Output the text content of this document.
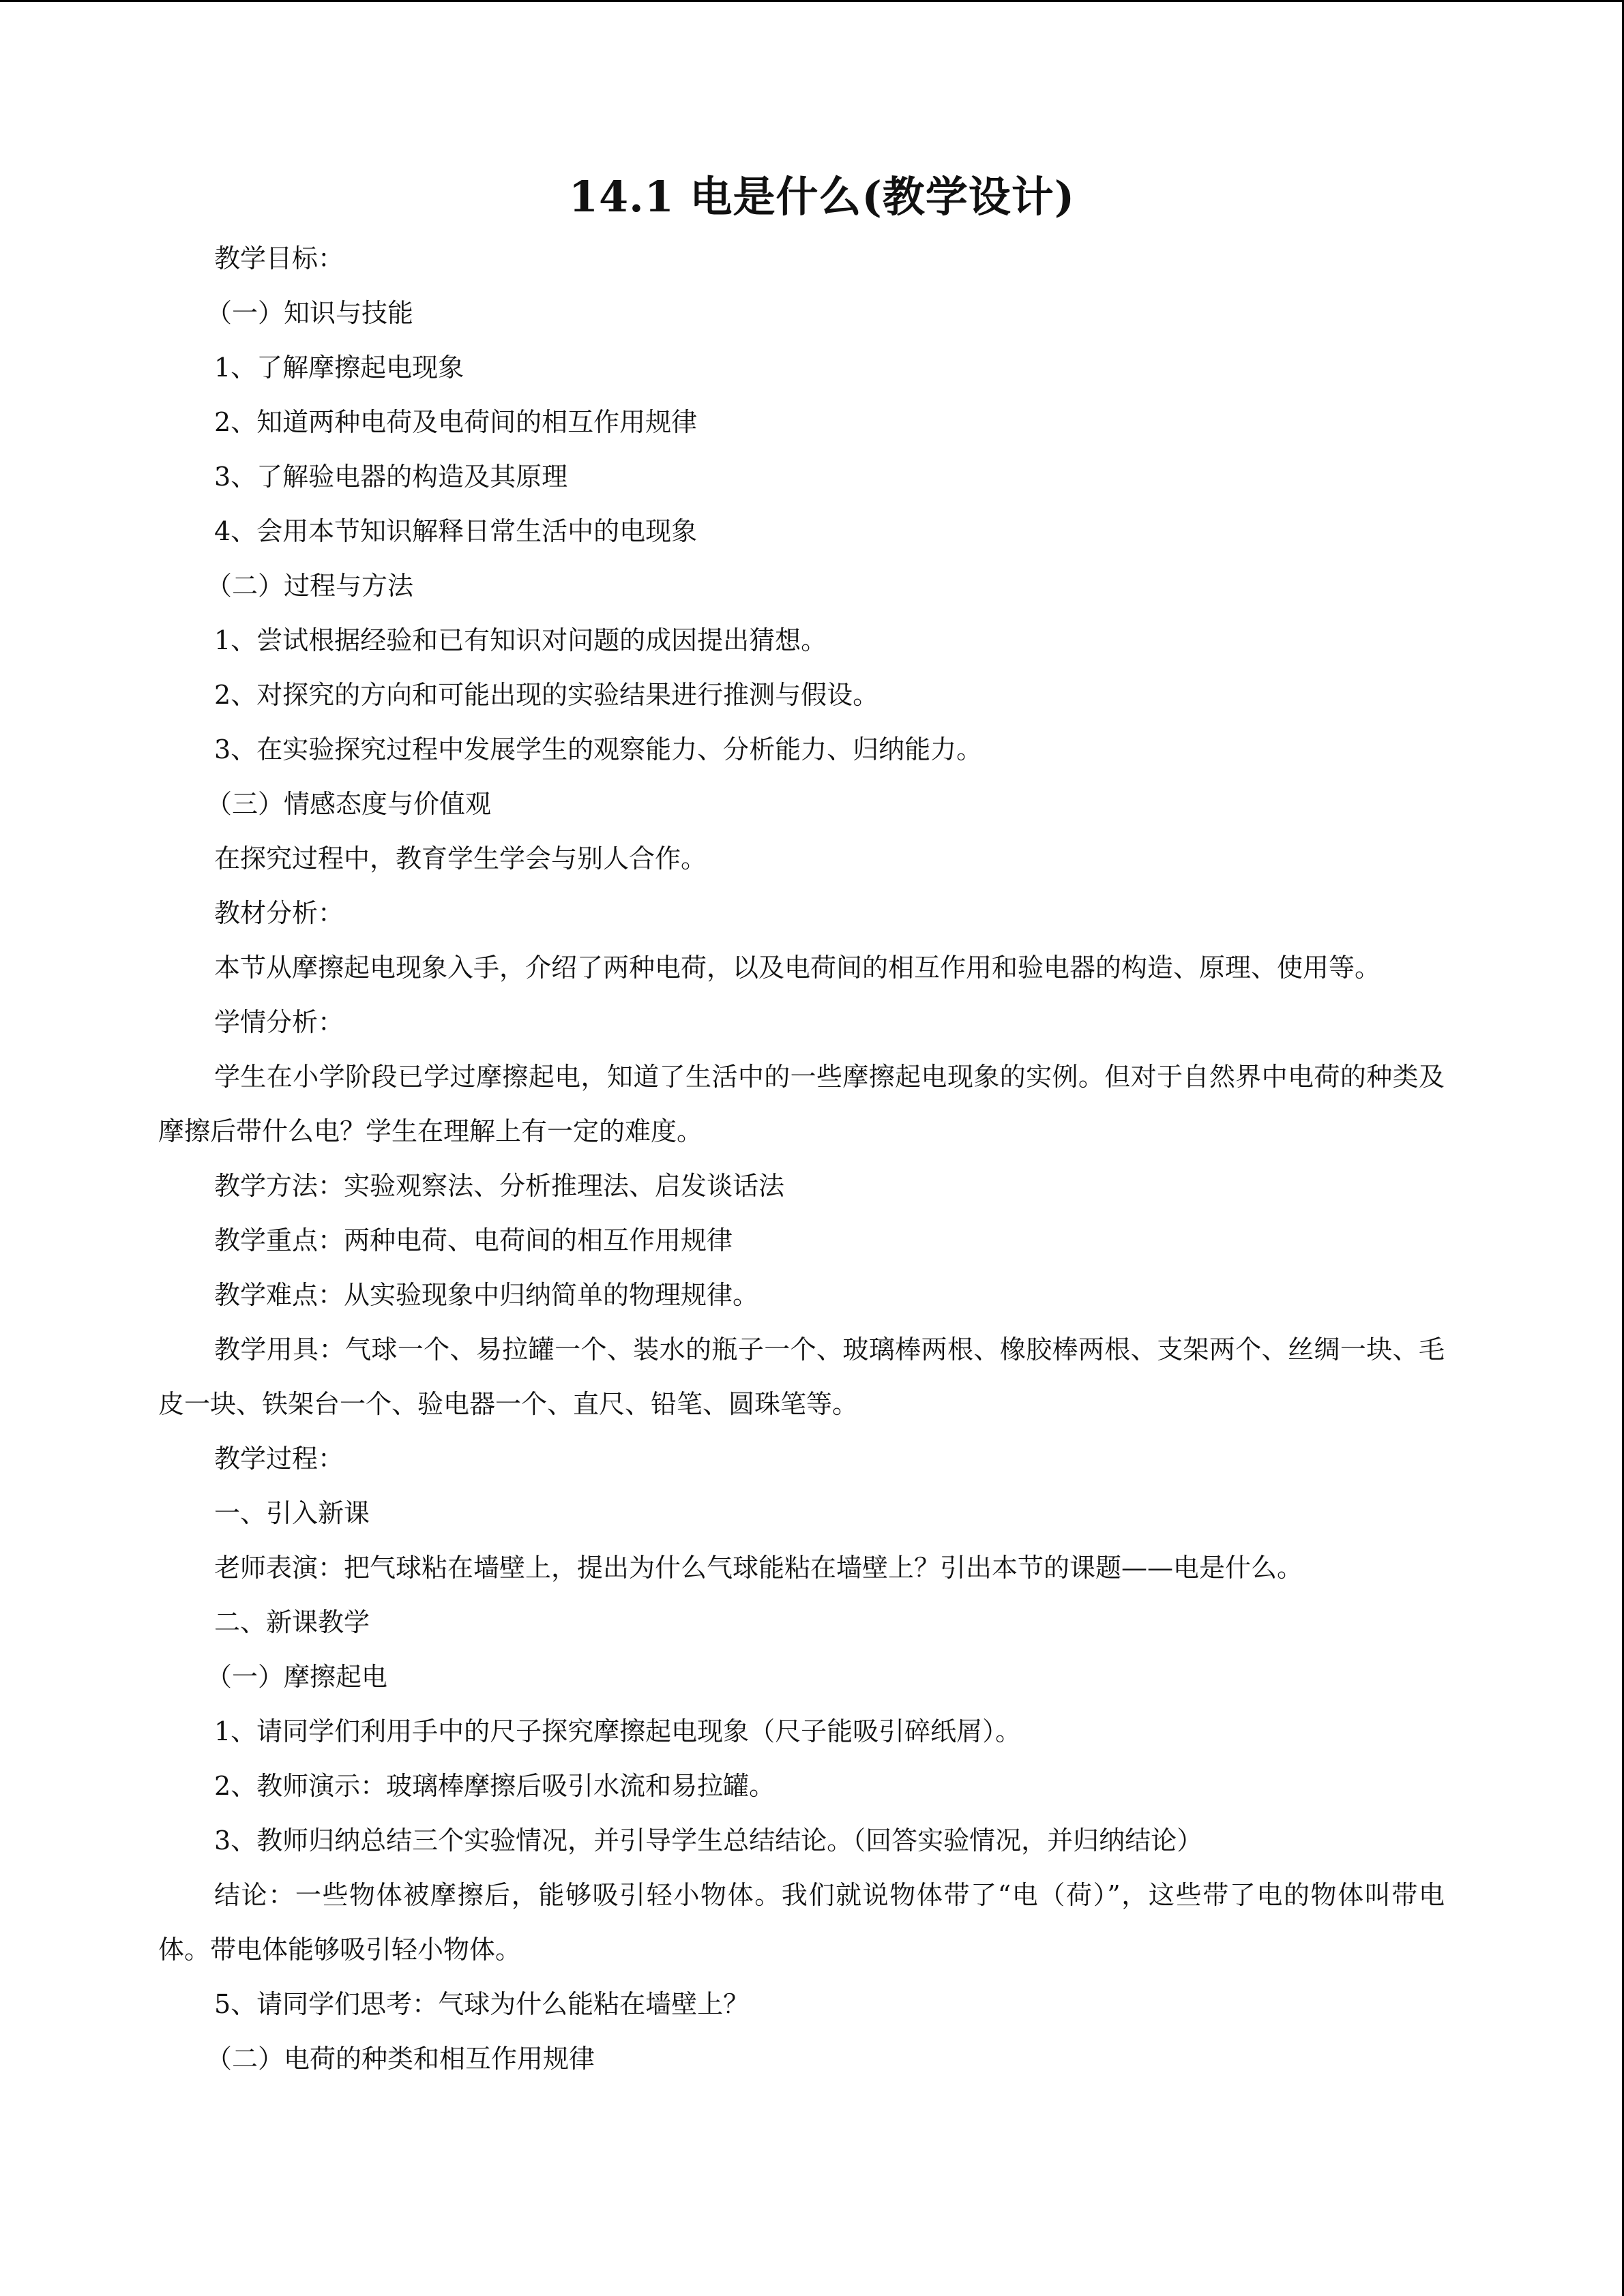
14.1 电是什么(教学设计)
教学目标：
（一）知识与技能
1、了解摩擦起电现象
2、知道两种电荷及电荷间的相互作用规律
3、了解验电器的构造及其原理
4、会用本节知识解释日常生活中的电现象
（二）过程与方法
1、尝试根据经验和已有知识对问题的成因提出猜想。
2、对探究的方向和可能出现的实验结果进行推测与假设。
3、在实验探究过程中发展学生的观察能力、分析能力、归纳能力。
（三）情感态度与价值观
在探究过程中，教育学生学会与别人合作。
教材分析：

本节从摩擦起电现象入手，介绍了两种电荷，以及电荷间的相互作用和验电器的构造、原理、使用等。

学情分析：

学生在小学阶段已学过摩擦起电，知道了生活中的一些摩擦起电现象的实例。但对于自然界中电荷的种类及摩擦后带什么电？学生在理解上有一定的难度。

教学方法：实验观察法、分析推理法、启发谈话法
教学重点：两种电荷、电荷间的相互作用规律
教学难点：从实验现象中归纳简单的物理规律。

教学用具：气球一个、易拉罐一个、装水的瓶子一个、玻璃棒两根、橡胶棒两根、支架两个、丝绸一块、毛皮一块、铁架台一个、验电器一个、直尺、铅笔、圆珠笔等。

教学过程：
一、引入新课
老师表演：把气球粘在墙壁上，提出为什么气球能粘在墙壁上？引出本节的课题——电是什么。
二、新课教学
（一）摩擦起电
1、请同学们利用手中的尺子探究摩擦起电现象（尺子能吸引碎纸屑）。
2、教师演示：玻璃棒摩擦后吸引水流和易拉罐。
3、教师归纳总结三个实验情况，并引导学生总结结论。（回答实验情况，并归纳结论）

结论：一些物体被摩擦后，能够吸引轻小物体。我们就说物体带了“电（荷）”，这些带了电的物体叫带电体。带电体能够吸引轻小物体。

5、请同学们思考：气球为什么能粘在墙壁上？
（二）电荷的种类和相互作用规律
